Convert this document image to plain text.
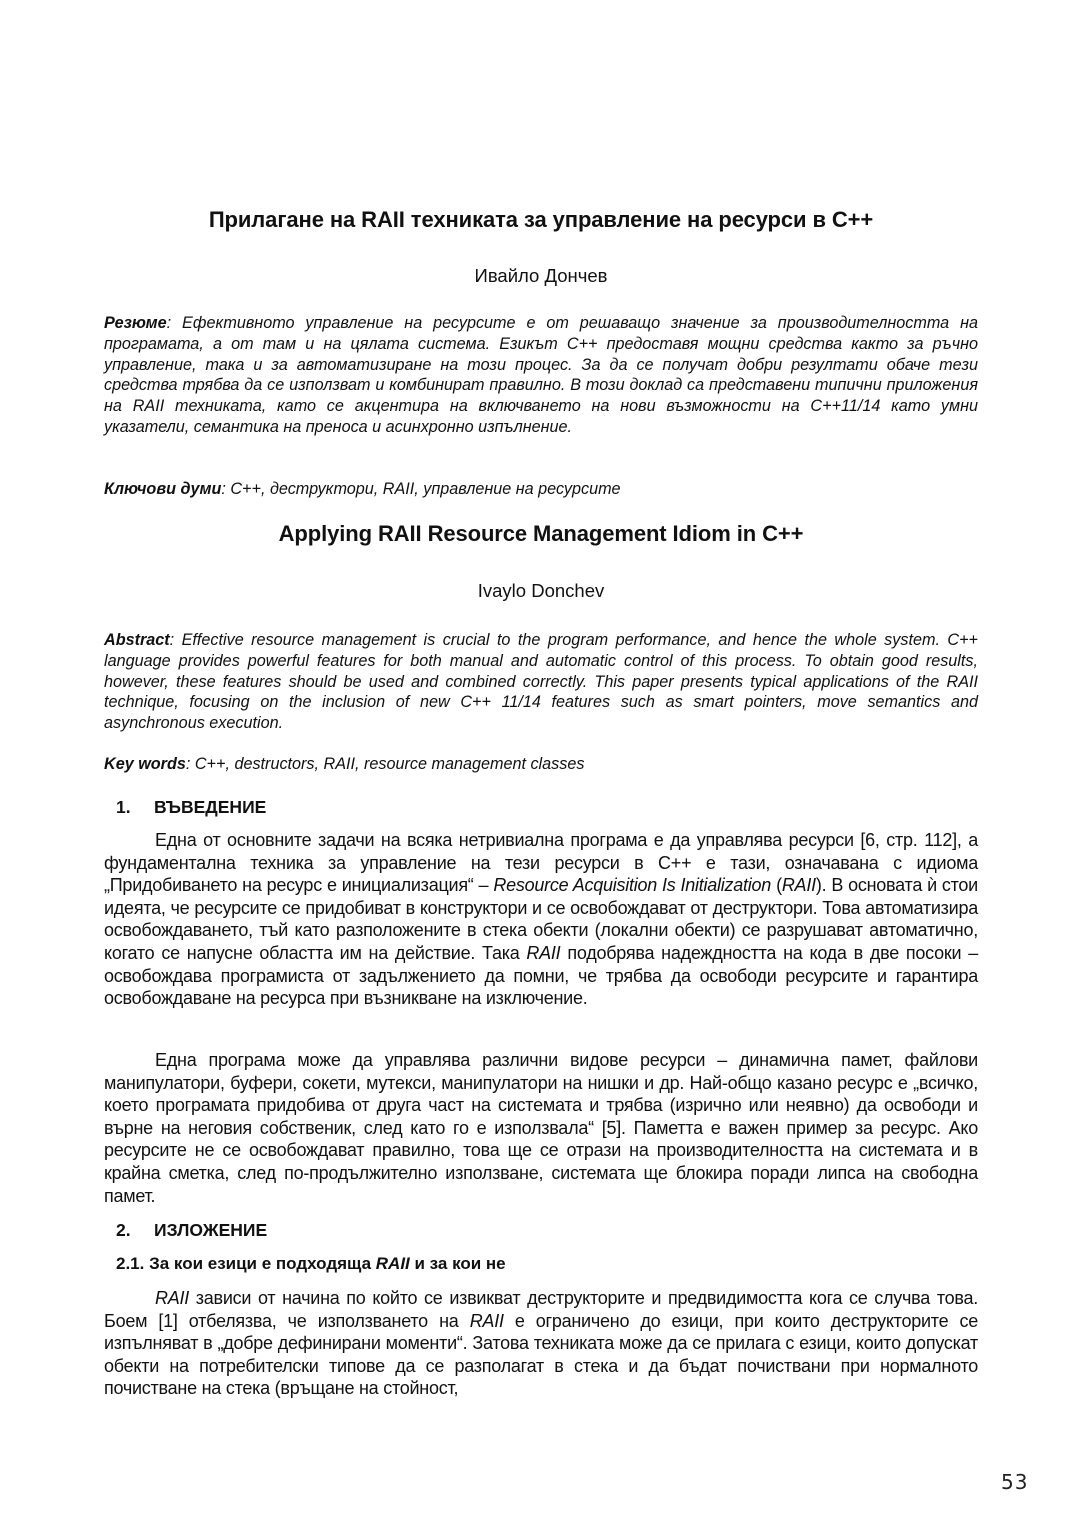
Прилагане на RAII техниката за управление на ресурси в C++
Ивайло Дончев

Резюме: Ефективното управление на ресурсите е от решаващо значение за производителността на програмата, а от там и на цялата система. Езикът C++ предоставя мощни средства както за ръчно управление, така и за автоматизиране на този процес. За да се получат добри резултати обаче тези средства трябва да се използват и комбинират правилно. В този доклад са представени типични приложения на RAII техниката, като се акцентира на включването на нови възможности на C++11/14 като умни указатели, семантика на преноса и асинхронно изпълнение.

Ключови думи: C++, деструктори, RAII, управление на ресурсите

Applying RAII Resource Management Idiom in C++
Ivaylo Donchev

Abstract: Effective resource management is crucial to the program performance, and hence the whole system. C++ language provides powerful features for both manual and automatic control of this process. To obtain good results, however, these features should be used and combined correctly. This paper presents typical applications of the RAII technique, focusing on the inclusion of new C++ 11/14 features such as smart pointers, move semantics and asynchronous execution.

Key words: C++, destructors, RAII, resource management classes

1. ВЪВЕДЕНИЕ

Една от основните задачи на всяка нетривиална програма е да управлява ресурси [6, стр. 112], а фундаментална техника за управление на тези ресурси в C++ е тази, означавана с идиома „Придобиването на ресурс е инициализация“ – Resource Acquisition Is Initialization (RAII). В основата ѝ стои идеята, че ресурсите се придобиват в конструктори и се освобождават от деструктори. Това автоматизира освобождаването, тъй като разположените в стека обекти (локални обекти) се разрушават автоматично, когато се напусне областта им на действие. Така RAII подобрява надеждността на кода в две посоки – освобождава програмиста от задължението да помни, че трябва да освободи ресурсите и гарантира освобождаване на ресурса при възникване на изключение.

Една програма може да управлява различни видове ресурси – динамична памет, файлови манипулатори, буфери, сокети, мутекси, манипулатори на нишки и др. Най-общо казано ресурс е „всичко, което програмата придобива от друга част на системата и трябва (изрично или неявно) да освободи и върне на неговия собственик, след като го е използвала“ [5]. Паметта е важен пример за ресурс. Ако ресурсите не се освобождават правилно, това ще се отрази на производителността на системата и в крайна сметка, след по-продължително използване, системата ще блокира поради липса на свободна памет.

2. ИЗЛОЖЕНИЕ
2.1. За кои езици е подходяща RAII и за кои не

RAII зависи от начина по който се извикват деструкторите и предвидимостта кога се случва това. Боем [1] отбелязва, че използването на RAII е ограничено до езици, при които деструкторите се изпълняват в „добре дефинирани моменти“. Затова техниката може да се прилага с езици, които допускат обекти на потребителски типове да се разполагат в стека и да бъдат почиствани при нормалното почистване на стека (връщане на стойност,

53
